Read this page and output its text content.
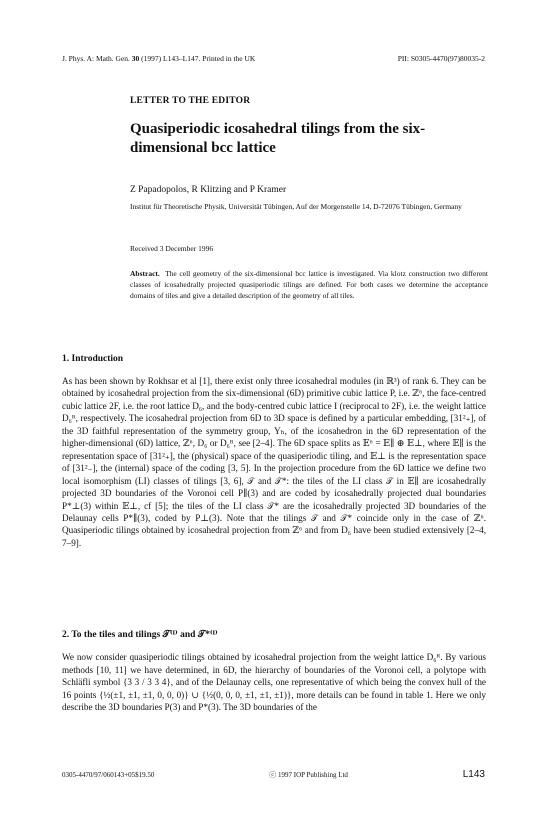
J. Phys. A: Math. Gen. 30 (1997) L143–L147. Printed in the UK	PII: S0305-4470(97)80035-2
LETTER TO THE EDITOR
Quasiperiodic icosahedral tilings from the six-dimensional bcc lattice
Z Papadopolos, R Klitzing and P Kramer
Institut für Theoretische Physik, Universität Tübingen, Auf der Morgenstelle 14, D-72076 Tübingen, Germany
Received 3 December 1996
Abstract. The cell geometry of the six-dimensional bcc lattice is investigated. Via klotz construction two different classes of icosahedrally projected quasiperiodic tilings are defined. For both cases we determine the acceptance domains of tiles and give a detailed description of the geometry of all tiles.
1. Introduction

As has been shown by Rokhsar et al [1], there exist only three icosahedral modules (in ℝ³) of rank 6. They can be obtained by icosahedral projection from the six-dimensional (6D) primitive cubic lattice P, i.e. ℤ⁶, the face-centred cubic lattice 2F, i.e. the root lattice D₆, and the body-centred cubic lattice I (reciprocal to 2F), i.e. the weight lattice D₆ᴿ, respectively. The icosahedral projection from 6D to 3D space is defined by a particular embedding, [31²₊], of the 3D faithful representation of the symmetry group, Yₕ, of the icosahedron in the 6D representation of the higher-dimensional (6D) lattice, ℤ⁶, D₆ or D₆ᴿ, see [2–4]. The 6D space splits as 𝔼⁶ = 𝔼∥ ⊕ 𝔼⊥, where 𝔼∥ is the representation space of [31²₊], the (physical) space of the quasiperiodic tiling, and 𝔼⊥ is the representation space of [31²₋], the (internal) space of the coding [3, 5]. In the projection procedure from the 6D lattice we define two local isomorphism (LI) classes of tilings [3, 6], 𝒯 and 𝒯*: the tiles of the LI class 𝒯 in 𝔼∥ are icosahedrally projected 3D boundaries of the Voronoi cell P∥(3) and are coded by icosahedrally projected dual boundaries P*⊥(3) within 𝔼⊥, cf [5]; the tiles of the LI class 𝒯* are the icosahedrally projected 3D boundaries of the Delaunay cells P*∥(3), coded by P⊥(3). Note that the tilings 𝒯 and 𝒯* coincide only in the case of ℤ⁶. Quasiperiodic tilings obtained by icosahedral projection from ℤ⁶ and from D₆ have been studied extensively [2–4, 7–9].

2. To the tiles and tilings 𝒯⁽ᴵ⁾ and 𝒯*⁽ᴵ⁾

We now consider quasiperiodic tilings obtained by icosahedral projection from the weight lattice D₆ᴿ. By various methods [10, 11] we have determined, in 6D, the hierarchy of boundaries of the Voronoi cell, a polytope with Schläfli symbol {3 3 / 3 3 4}, and of the Delaunay cells, one representative of which being the convex hull of the 16 points {½(±1, ±1, ±1, 0, 0, 0)} ∪ {½(0, 0, 0, ±1, ±1, ±1)}, more details can be found in table 1. Here we only describe the 3D boundaries P(3) and P*(3). The 3D boundaries of the

0305-4470/97/060143+05$19.50	ⓒ 1997 IOP Publishing Ltd	L143
